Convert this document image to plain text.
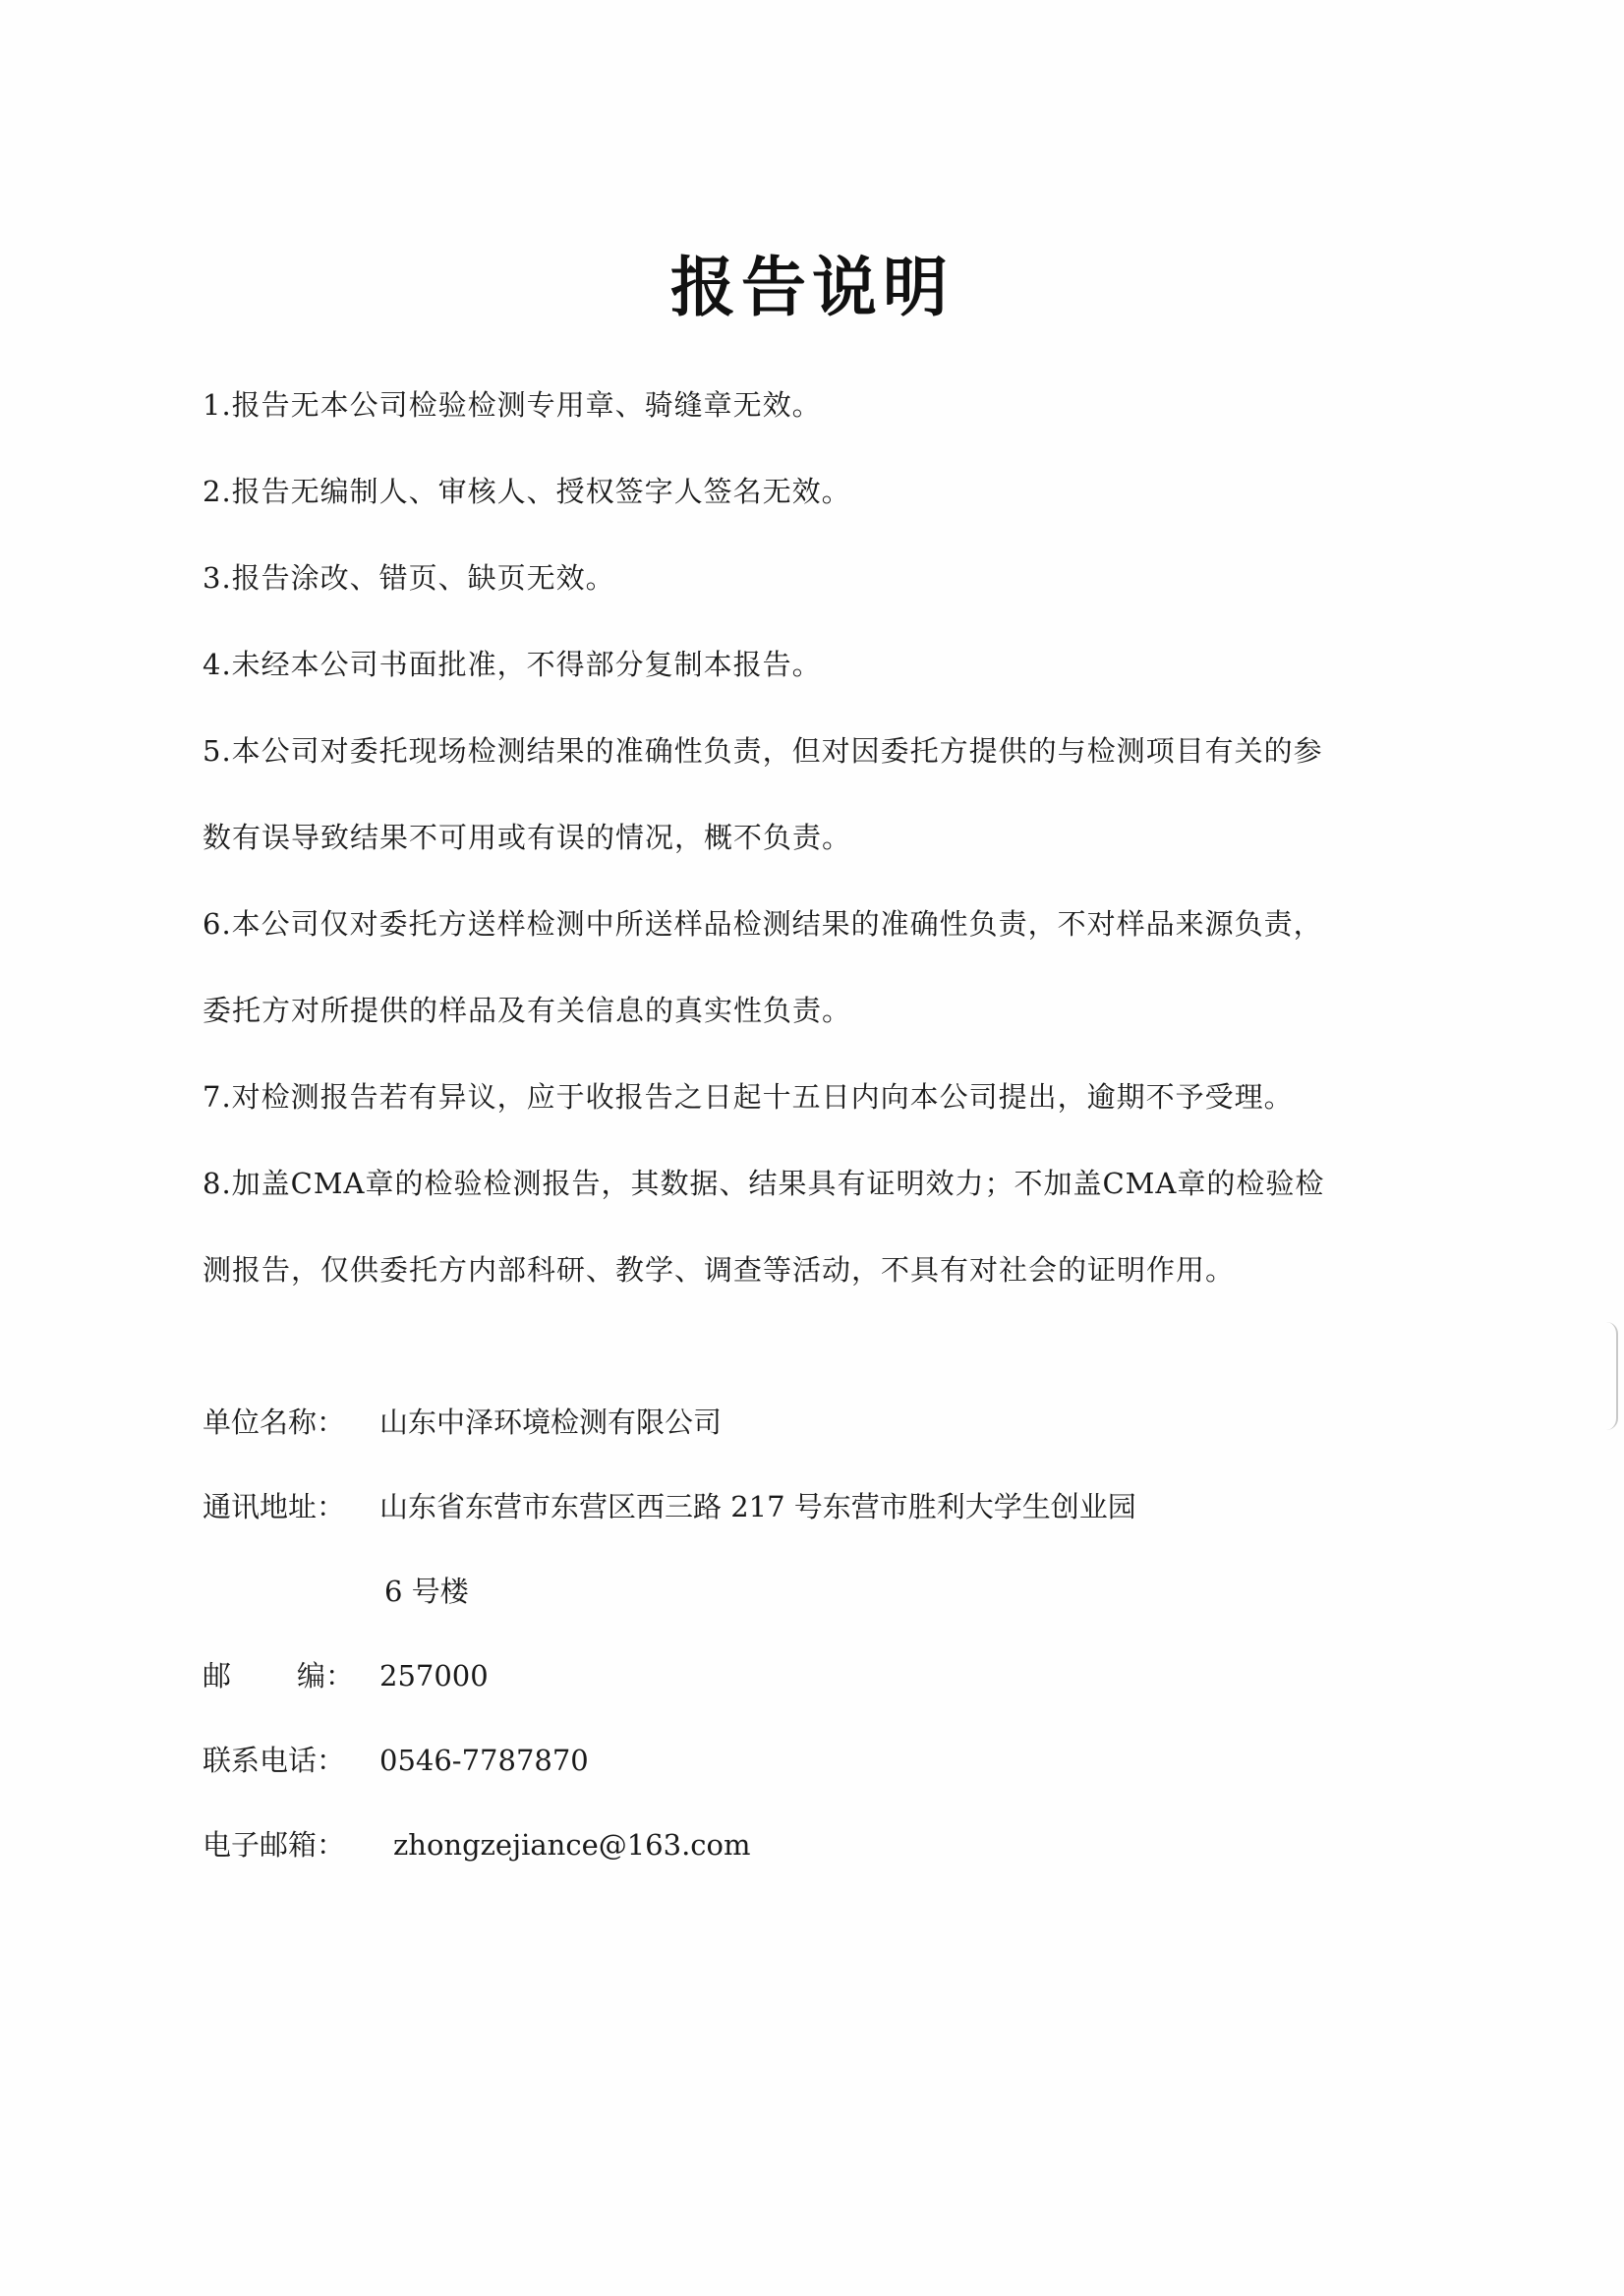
报告说明
1.报告无本公司检验检测专用章、骑缝章无效。
2.报告无编制人、审核人、授权签字人签名无效。
3.报告涂改、错页、缺页无效。
4.未经本公司书面批准，不得部分复制本报告。
5.本公司对委托现场检测结果的准确性负责，但对因委托方提供的与检测项目有关的参
数有误导致结果不可用或有误的情况，概不负责。
6.本公司仅对委托方送样检测中所送样品检测结果的准确性负责，不对样品来源负责，
委托方对所提供的样品及有关信息的真实性负责。
7.对检测报告若有异议，应于收报告之日起十五日内向本公司提出，逾期不予受理。
8.加盖CMA章的检验检测报告，其数据、结果具有证明效力；不加盖CMA章的检验检
测报告，仅供委托方内部科研、教学、调查等活动，不具有对社会的证明作用。
单位名称： 山东中泽环境检测有限公司
通讯地址： 山东省东营市东营区西三路 217 号东营市胜利大学生创业园
6 号楼
邮 编： 257000
联系电话： 0546-7787870
电子邮箱： zhongzejiance@163.com
